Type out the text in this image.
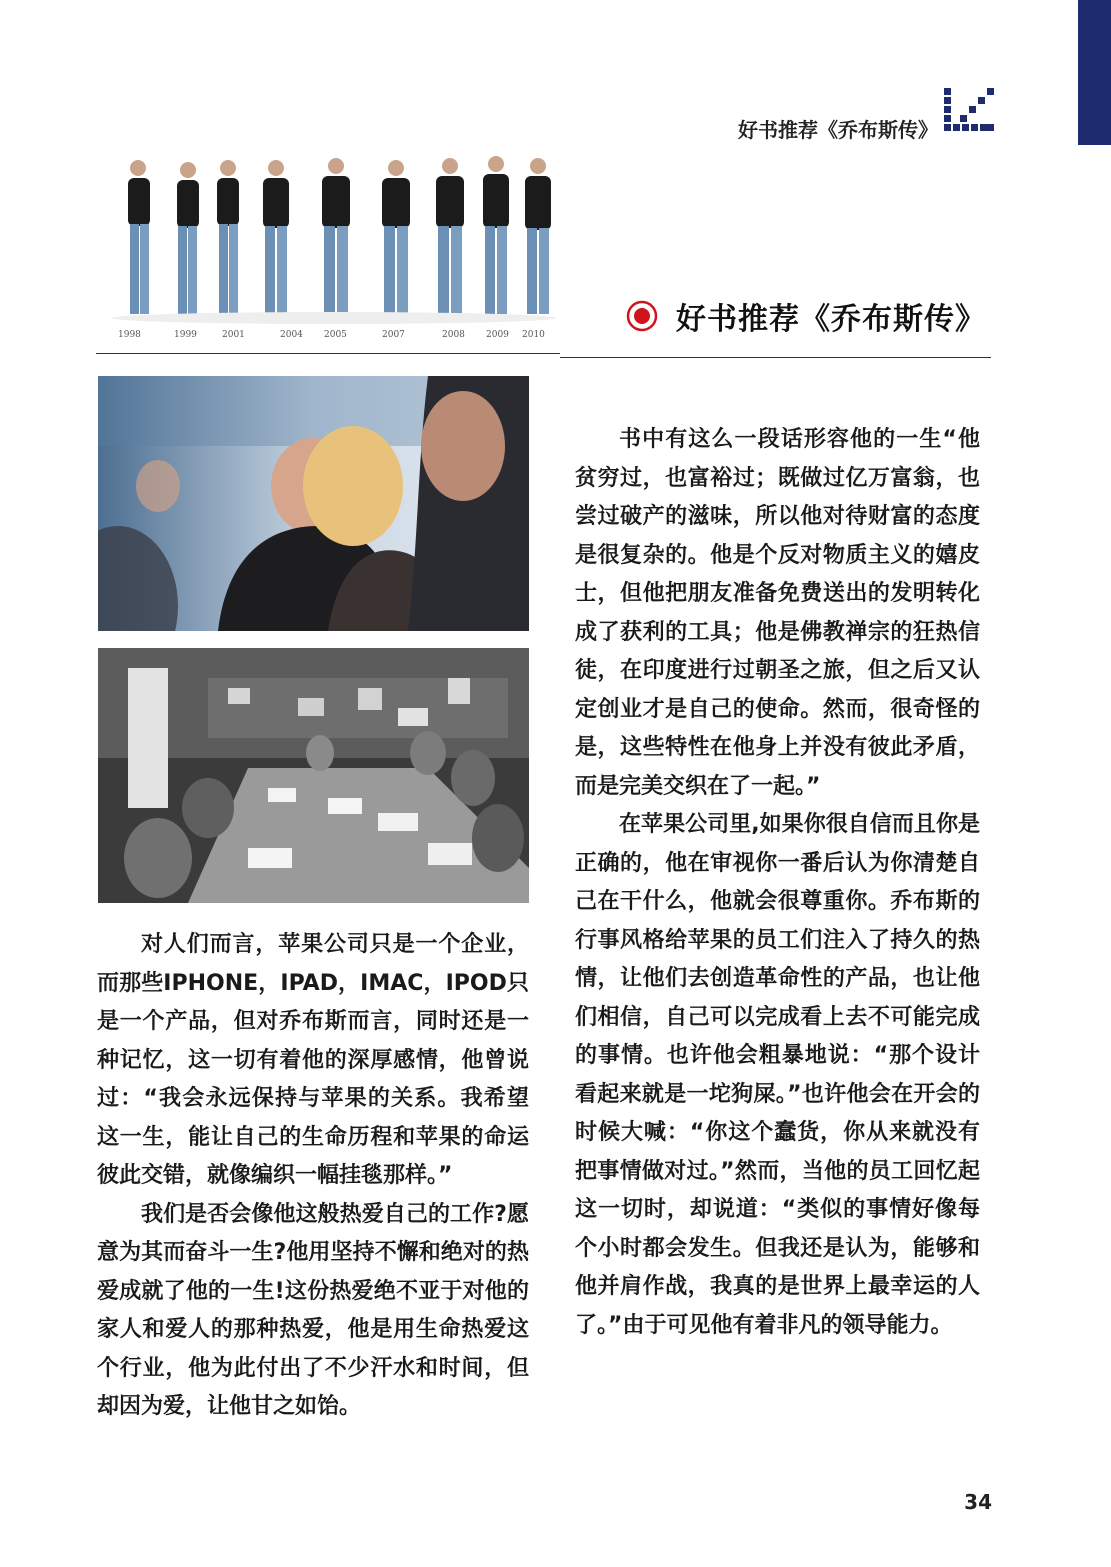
好书推荐《乔布斯传》
1998	1999	2001	2004 2005	2007	2008 2009 2010	好书推荐《乔布斯传》

对人们而言，苹果公司只是一个企业，而那些IPHONE，IPAD，IMAC，IPOD只是一个产品，但对乔布斯而言，同时还是一种记忆，这一切有着他的深厚感情，他曾说过：“我会永远保持与苹果的关系。我希望这一生，能让自己的生命历程和苹果的命运彼此交错，就像编织一幅挂毯那样。”

我们是否会像他这般热爱自己的工作?愿意为其而奋斗一生?他用坚持不懈和绝对的热爱成就了他的一生!这份热爱绝不亚于对他的家人和爱人的那种热爱，他是用生命热爱这个行业，他为此付出了不少汗水和时间，但却因为爱，让他甘之如饴。

书中有这么一段话形容他的一生“他贫穷过，也富裕过；既做过亿万富翁，也尝过破产的滋味，所以他对待财富的态度是很复杂的。他是个反对物质主义的嬉皮士，但他把朋友准备免费送出的发明转化成了获利的工具；他是佛教禅宗的狂热信徒，在印度进行过朝圣之旅，但之后又认定创业才是自己的使命。然而，很奇怪的是，这些特性在他身上并没有彼此矛盾，而是完美交织在了一起。”

在苹果公司里,如果你很自信而且你是正确的，他在审视你一番后认为你清楚自己在干什么，他就会很尊重你。乔布斯的行事风格给苹果的员工们注入了持久的热情，让他们去创造革命性的产品，也让他们相信，自己可以完成看上去不可能完成的事情。也许他会粗暴地说：“那个设计看起来就是一坨狗屎。”也许他会在开会的时候大喊：“你这个蠢货，你从来就没有把事情做对过。”然而，当他的员工回忆起这一切时，却说道：“类似的事情好像每个小时都会发生。但我还是认为，能够和他并肩作战，我真的是世界上最幸运的人了。”由于可见他有着非凡的领导能力。

34
